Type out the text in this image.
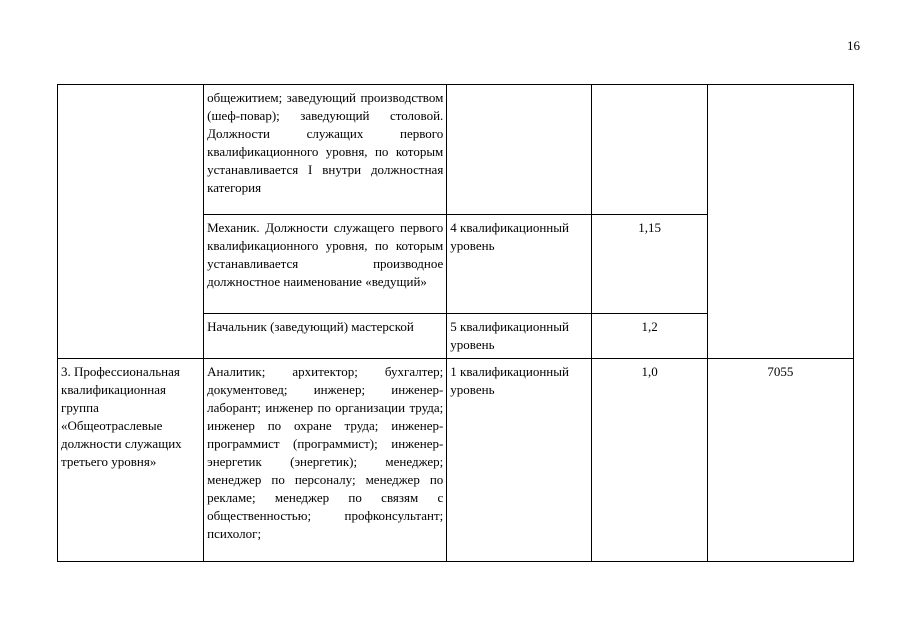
16
	общежитием; заведующий производством (шеф-повар); заведующий столовой. Должности служащих первого квалификационного уровня, по которым устанавливается I внутри должностная категория			
	Механик. Должности служащего первого квалификационного уровня, по которым устанавливается производное должностное наименование «ведущий»	4 квалификационный уровень	1,15	
	Начальник (заведующий) мастерской	5 квалификационный уровень	1,2	
3. Профессиональная квалификационная группа «Общеотраслевые должности служащих третьего уровня»	Аналитик; архитектор; бухгалтер; документовед; инженер; инженер-лаборант; инженер по организации труда; инженер по охране труда; инженер-программист (программист); инженер-энергетик (энергетик); менеджер; менеджер по персоналу; менеджер по рекламе; менеджер по связям с общественностью; профконсультант; психолог;	1 квалификационный уровень	1,0	7055
